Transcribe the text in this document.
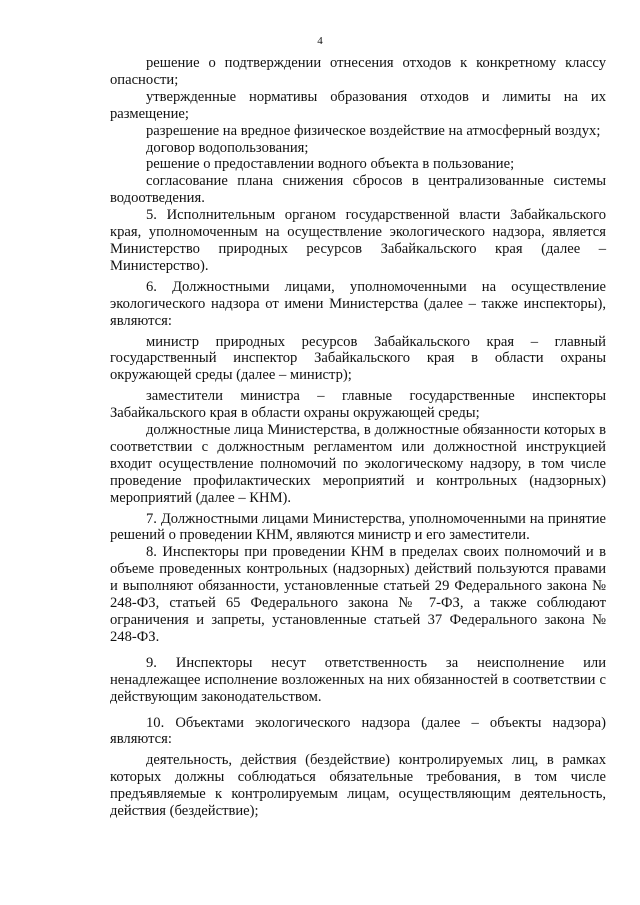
4

решение о подтверждении отнесения отходов к конкретному классу опасности;

утвержденные нормативы образования отходов и лимиты на их размещение;

разрешение на вредное физическое воздействие на атмосферный воздух;

договор водопользования;

решение о предоставлении водного объекта в пользование;

согласование плана снижения сбросов в централизованные системы водоотведения.

5. Исполнительным органом государственной власти Забайкальского края, уполномоченным на осуществление экологического надзора, является Министерство природных ресурсов Забайкальского края (далее – Министерство).

6. Должностными лицами, уполномоченными на осуществление экологического надзора от имени Министерства (далее – также инспекторы), являются:

министр природных ресурсов Забайкальского края – главный государственный инспектор Забайкальского края в области охраны окружающей среды (далее – министр);

заместители министра – главные государственные инспекторы Забайкальского края в области охраны окружающей среды;

должностные лица Министерства, в должностные обязанности которых в соответствии с должностным регламентом или должностной инструкцией входит осуществление полномочий по экологическому надзору, в том числе проведение профилактических мероприятий и контрольных (надзорных) мероприятий (далее – КНМ).

7. Должностными лицами Министерства, уполномоченными на принятие решений о проведении КНМ, являются министр и его заместители.

8. Инспекторы при проведении КНМ в пределах своих полномочий и в объеме проведенных контрольных (надзорных) действий пользуются правами и выполняют обязанности, установленные статьей 29 Федерального закона № 248-ФЗ, статьей 65 Федерального закона № 7-ФЗ, а также соблюдают ограничения и запреты, установленные статьей 37 Федерального закона № 248-ФЗ.

9. Инспекторы несут ответственность за неисполнение или ненадлежащее исполнение возложенных на них обязанностей в соответствии с действующим законодательством.

10. Объектами экологического надзора (далее – объекты надзора) являются:

деятельность, действия (бездействие) контролируемых лиц, в рамках которых должны соблюдаться обязательные требования, в том числе предъявляемые к контролируемым лицам, осуществляющим деятельность, действия (бездействие);
